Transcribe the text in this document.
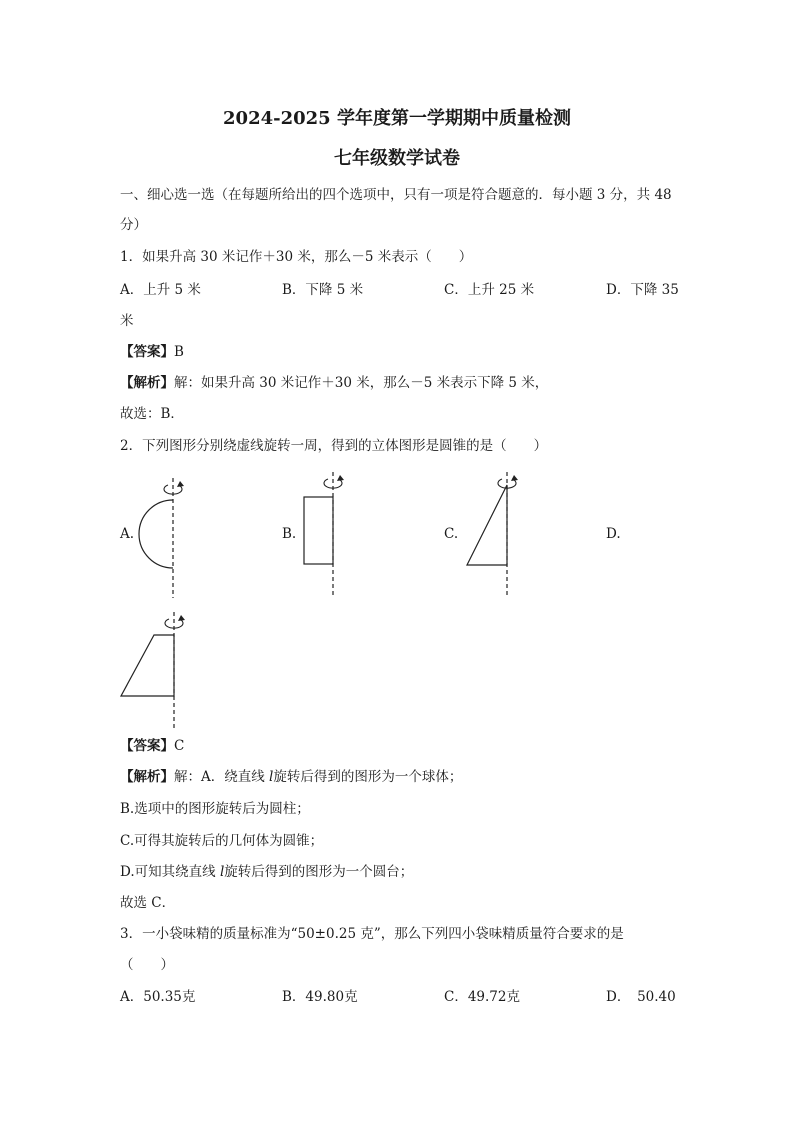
2024-2025 学年度第一学期期中质量检测
七年级数学试卷
一、细心选一选（在每题所给出的四个选项中，只有一项是符合题意的．每小题 3 分，共 48
分）
1．如果升高 30 米记作＋30 米，那么－5 米表示（　　）
A．上升 5 米	B．下降 5 米	C．上升 25 米	D．下降 35
米
【答案】B
【解析】解：如果升高 30 米记作＋30 米，那么－5 米表示下降 5 米，
故选：B．
2．下列图形分别绕虚线旋转一周，得到的立体图形是圆锥的是（　　）
A.	B.	C.	D.
【答案】C
【解析】解：A．绕直线 l旋转后得到的图形为一个球体；
B.选项中的图形旋转后为圆柱；
C.可得其旋转后的几何体为圆锥；
D.可知其绕直线 l旋转后得到的图形为一个圆台；
故选 C．
3．一小袋味精的质量标准为“50±0.25 克”，那么下列四小袋味精质量符合要求的是
（　　）
A．50.35克	B．49.80克	C．49.72克	D．　50.40
